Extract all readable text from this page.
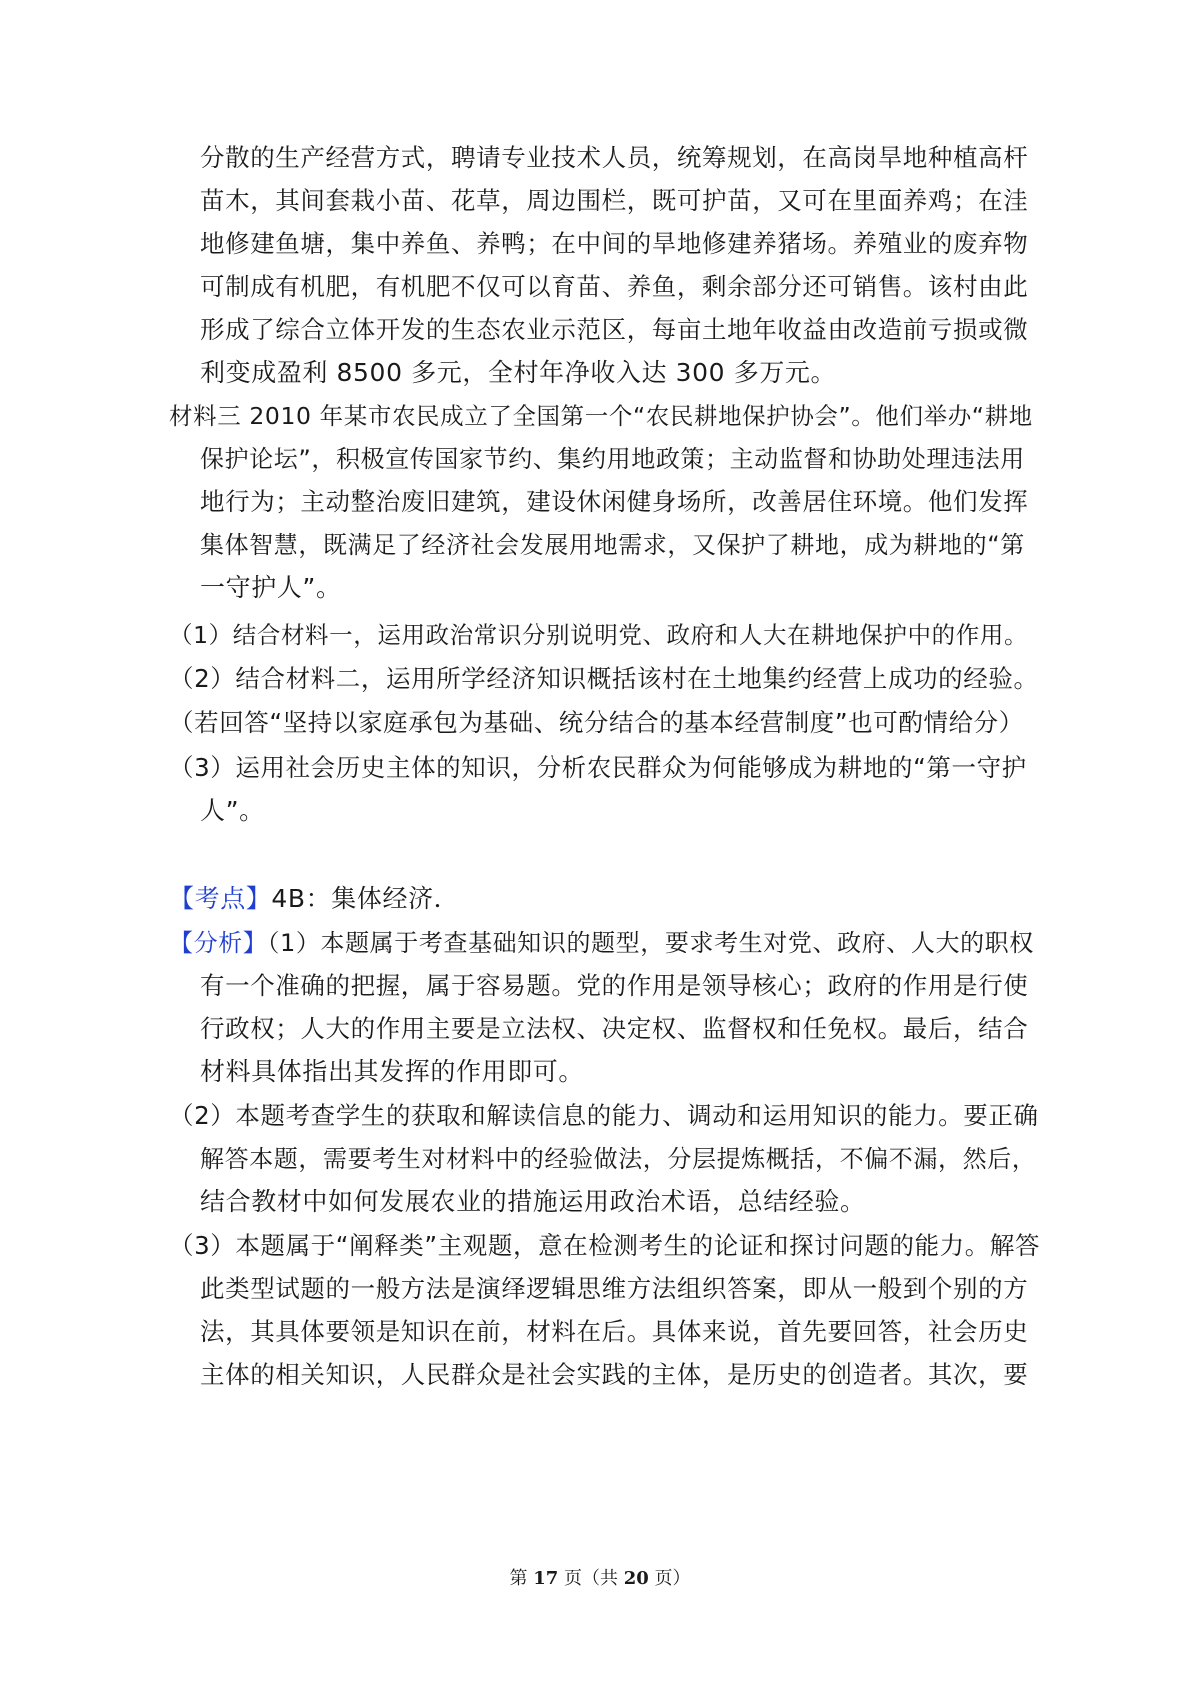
分散的生产经营方式，聘请专业技术人员，统筹规划，在高岗旱地种植高杆
苗木，其间套栽小苗、花草，周边围栏，既可护苗，又可在里面养鸡；在洼
地修建鱼塘，集中养鱼、养鸭；在中间的旱地修建养猪场。养殖业的废弃物
可制成有机肥，有机肥不仅可以育苗、养鱼，剩余部分还可销售。该村由此
形成了综合立体开发的生态农业示范区，每亩土地年收益由改造前亏损或微
利变成盈利 8500 多元，全村年净收入达 300 多万元。
材料三 2010 年某市农民成立了全国第一个“农民耕地保护协会”。他们举办“耕地
保护论坛”，积极宣传国家节约、集约用地政策；主动监督和协助处理违法用
地行为；主动整治废旧建筑，建设休闲健身场所，改善居住环境。他们发挥
集体智慧，既满足了经济社会发展用地需求，又保护了耕地，成为耕地的“第
一守护人”。
（1）结合材料一，运用政治常识分别说明党、政府和人大在耕地保护中的作用。
（2）结合材料二，运用所学经济知识概括该村在土地集约经营上成功的经验。
（若回答“坚持以家庭承包为基础、统分结合的基本经营制度”也可酌情给分）
（3）运用社会历史主体的知识，分析农民群众为何能够成为耕地的“第一守护
人”。
【考点】4B：集体经济．
【分析】（1）本题属于考查基础知识的题型，要求考生对党、政府、人大的职权
有一个准确的把握，属于容易题。党的作用是领导核心；政府的作用是行使
行政权；人大的作用主要是立法权、决定权、监督权和任免权。最后，结合
材料具体指出其发挥的作用即可。
（2）本题考查学生的获取和解读信息的能力、调动和运用知识的能力。要正确
解答本题，需要考生对材料中的经验做法，分层提炼概括，不偏不漏，然后，
结合教材中如何发展农业的措施运用政治术语，总结经验。
（3）本题属于“阐释类”主观题，意在检测考生的论证和探讨问题的能力。解答
此类型试题的一般方法是演绎逻辑思维方法组织答案，即从一般到个别的方
法，其具体要领是知识在前，材料在后。具体来说，首先要回答，社会历史
主体的相关知识，人民群众是社会实践的主体，是历史的创造者。其次，要
第 17 页（共 20 页）
